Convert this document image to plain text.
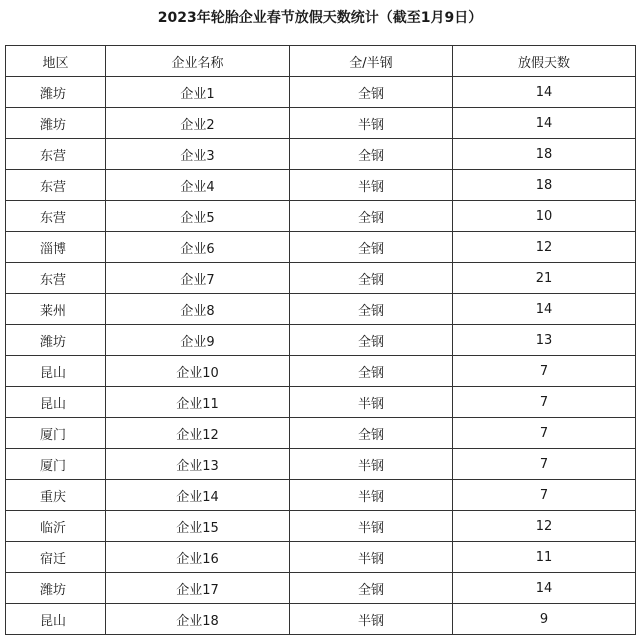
2023年轮胎企业春节放假天数统计（截至1月9日）
地区	企业名称	全/半钢	放假天数
潍坊	企业1	全钢	14
潍坊	企业2	半钢	14
东营	企业3	全钢	18
东营	企业4	半钢	18
东营	企业5	全钢	10
淄博	企业6	全钢	12
东营	企业7	全钢	21
莱州	企业8	全钢	14
潍坊	企业9	全钢	13
昆山	企业10	全钢	7
昆山	企业11	半钢	7
厦门	企业12	全钢	7
厦门	企业13	半钢	7
重庆	企业14	半钢	7
临沂	企业15	半钢	12
宿迁	企业16	半钢	11
潍坊	企业17	全钢	14
昆山	企业18	半钢	9
